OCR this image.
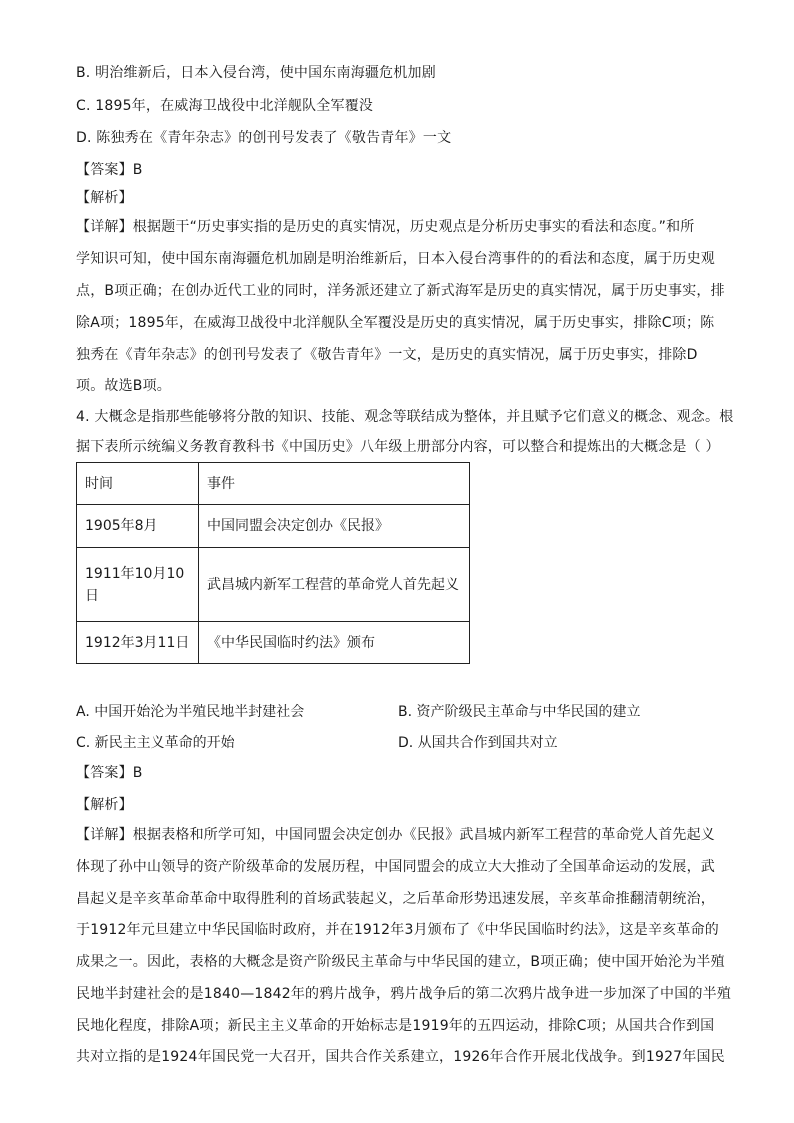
B. 明治维新后，日本入侵台湾，使中国东南海疆危机加剧
C. 1895年，在威海卫战役中北洋舰队全军覆没
D. 陈独秀在《青年杂志》的创刊号发表了《敬告青年》一文
【答案】B
【解析】
【详解】根据题干“历史事实指的是历史的真实情况，历史观点是分析历史事实的看法和态度。”和所
学知识可知，使中国东南海疆危机加剧是明治维新后，日本入侵台湾事件的的看法和态度，属于历史观
点，B项正确；在创办近代工业的同时，洋务派还建立了新式海军是历史的真实情况，属于历史事实，排
除A项；1895年，在威海卫战役中北洋舰队全军覆没是历史的真实情况，属于历史事实，排除C项；陈
独秀在《青年杂志》的创刊号发表了《敬告青年》一文，是历史的真实情况，属于历史事实，排除D
项。故选B项。
4. 大概念是指那些能够将分散的知识、技能、观念等联结成为整体，并且赋予它们意义的概念、观念。根
据下表所示统编义务教育教科书《中国历史》八年级上册部分内容，可以整合和提炼出的大概念是（ ）
时间	事件
1905年8月	中国同盟会决定创办《民报》
1911年10月10日	武昌城内新军工程营的革命党人首先起义
1912年3月11日	《中华民国临时约法》颁布
A. 中国开始沦为半殖民地半封建社会	B. 资产阶级民主革命与中华民国的建立
C. 新民主主义革命的开始	D. 从国共合作到国共对立
【答案】B
【解析】
【详解】根据表格和所学可知，中国同盟会决定创办《民报》武昌城内新军工程营的革命党人首先起义
体现了孙中山领导的资产阶级革命的发展历程，中国同盟会的成立大大推动了全国革命运动的发展，武
昌起义是辛亥革命革命中取得胜利的首场武装起义，之后革命形势迅速发展，辛亥革命推翻清朝统治，
于1912年元旦建立中华民国临时政府，并在1912年3月颁布了《中华民国临时约法》，这是辛亥革命的
成果之一。因此，表格的大概念是资产阶级民主革命与中华民国的建立，B项正确；使中国开始沦为半殖
民地半封建社会的是1840—1842年的鸦片战争，鸦片战争后的第二次鸦片战争进一步加深了中国的半殖
民地化程度，排除A项；新民主主义革命的开始标志是1919年的五四运动，排除C项；从国共合作到国
共对立指的是1924年国民党一大召开，国共合作关系建立，1926年合作开展北伐战争。到1927年国民
